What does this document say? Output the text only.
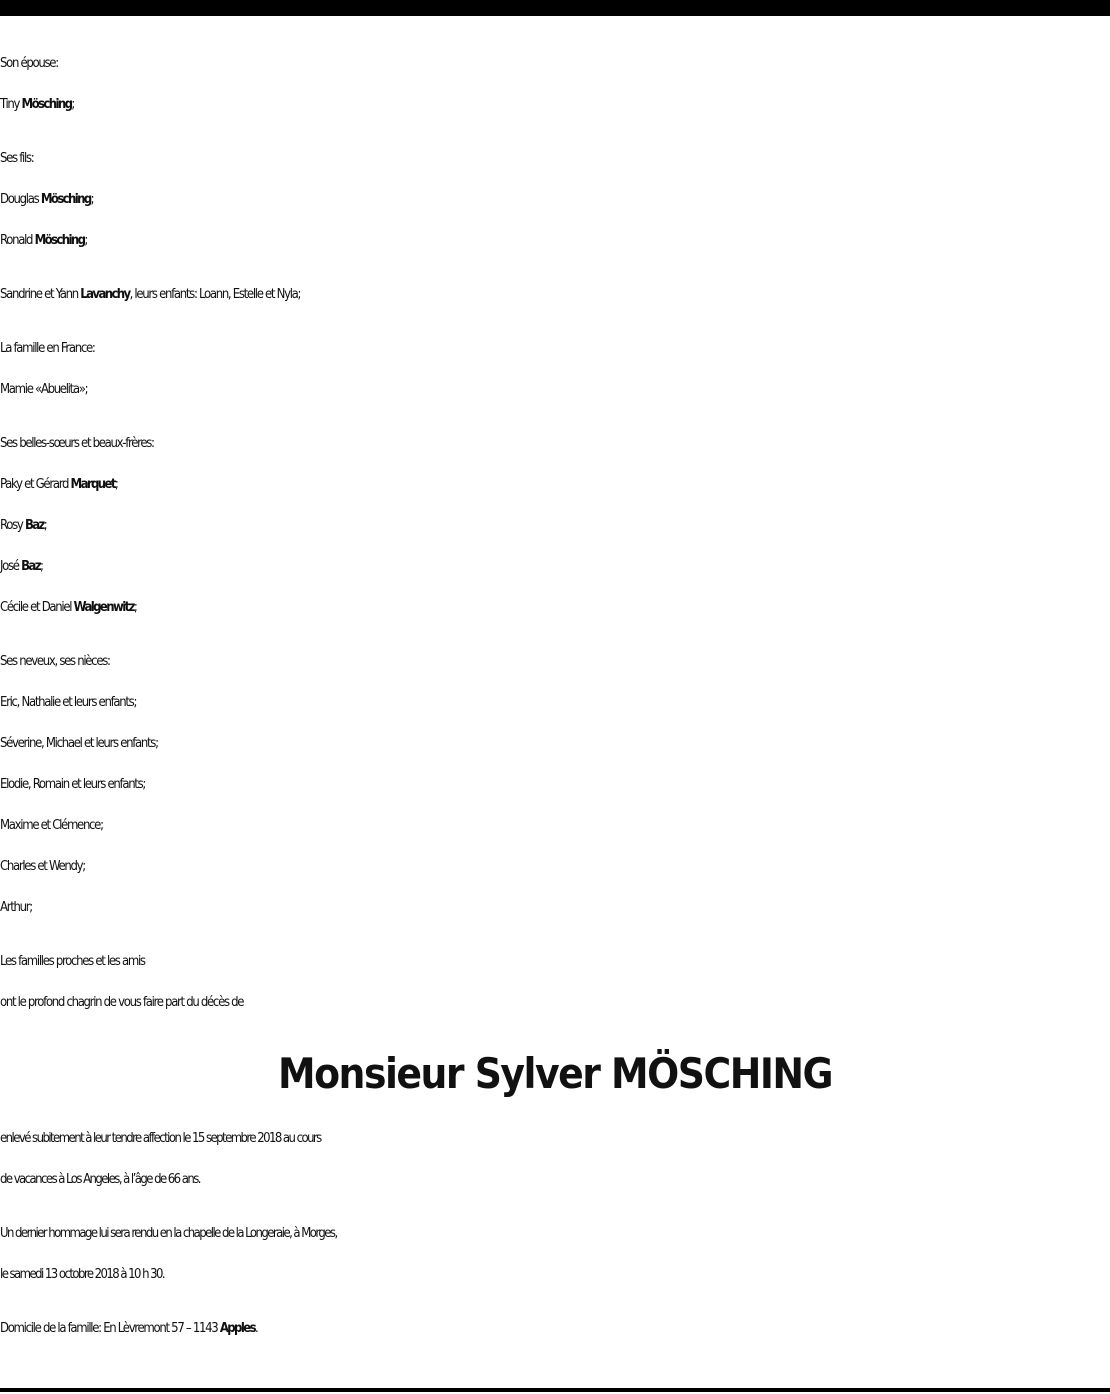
Son épouse:
Tiny Mösching;
Ses fils:
Douglas Mösching;
Ronald Mösching;
Sandrine et Yann Lavanchy, leurs enfants: Loann, Estelle et Nyla;
La famille en France:
Mamie «Abuelita»;
Ses belles-sœurs et beaux-frères:
Paky et Gérard Marquet;
Rosy Baz;
José Baz;
Cécile et Daniel Walgenwitz;
Ses neveux, ses nièces:
Eric, Nathalie et leurs enfants;
Séverine, Michael et leurs enfants;
Elodie, Romain et leurs enfants;
Maxime et Clémence;
Charles et Wendy;
Arthur;
Les familles proches et les amis
ont le profond chagrin de vous faire part du décès de
Monsieur Sylver MÖSCHING
enlevé subitement à leur tendre affection le 15 septembre 2018 au cours
de vacances à Los Angeles, à l’âge de 66 ans.
Un dernier hommage lui sera rendu en la chapelle de la Longeraie, à Morges,
le samedi 13 octobre 2018 à 10 h 30.
Domicile de la famille: En Lèvremont 57 – 1143 Apples.
